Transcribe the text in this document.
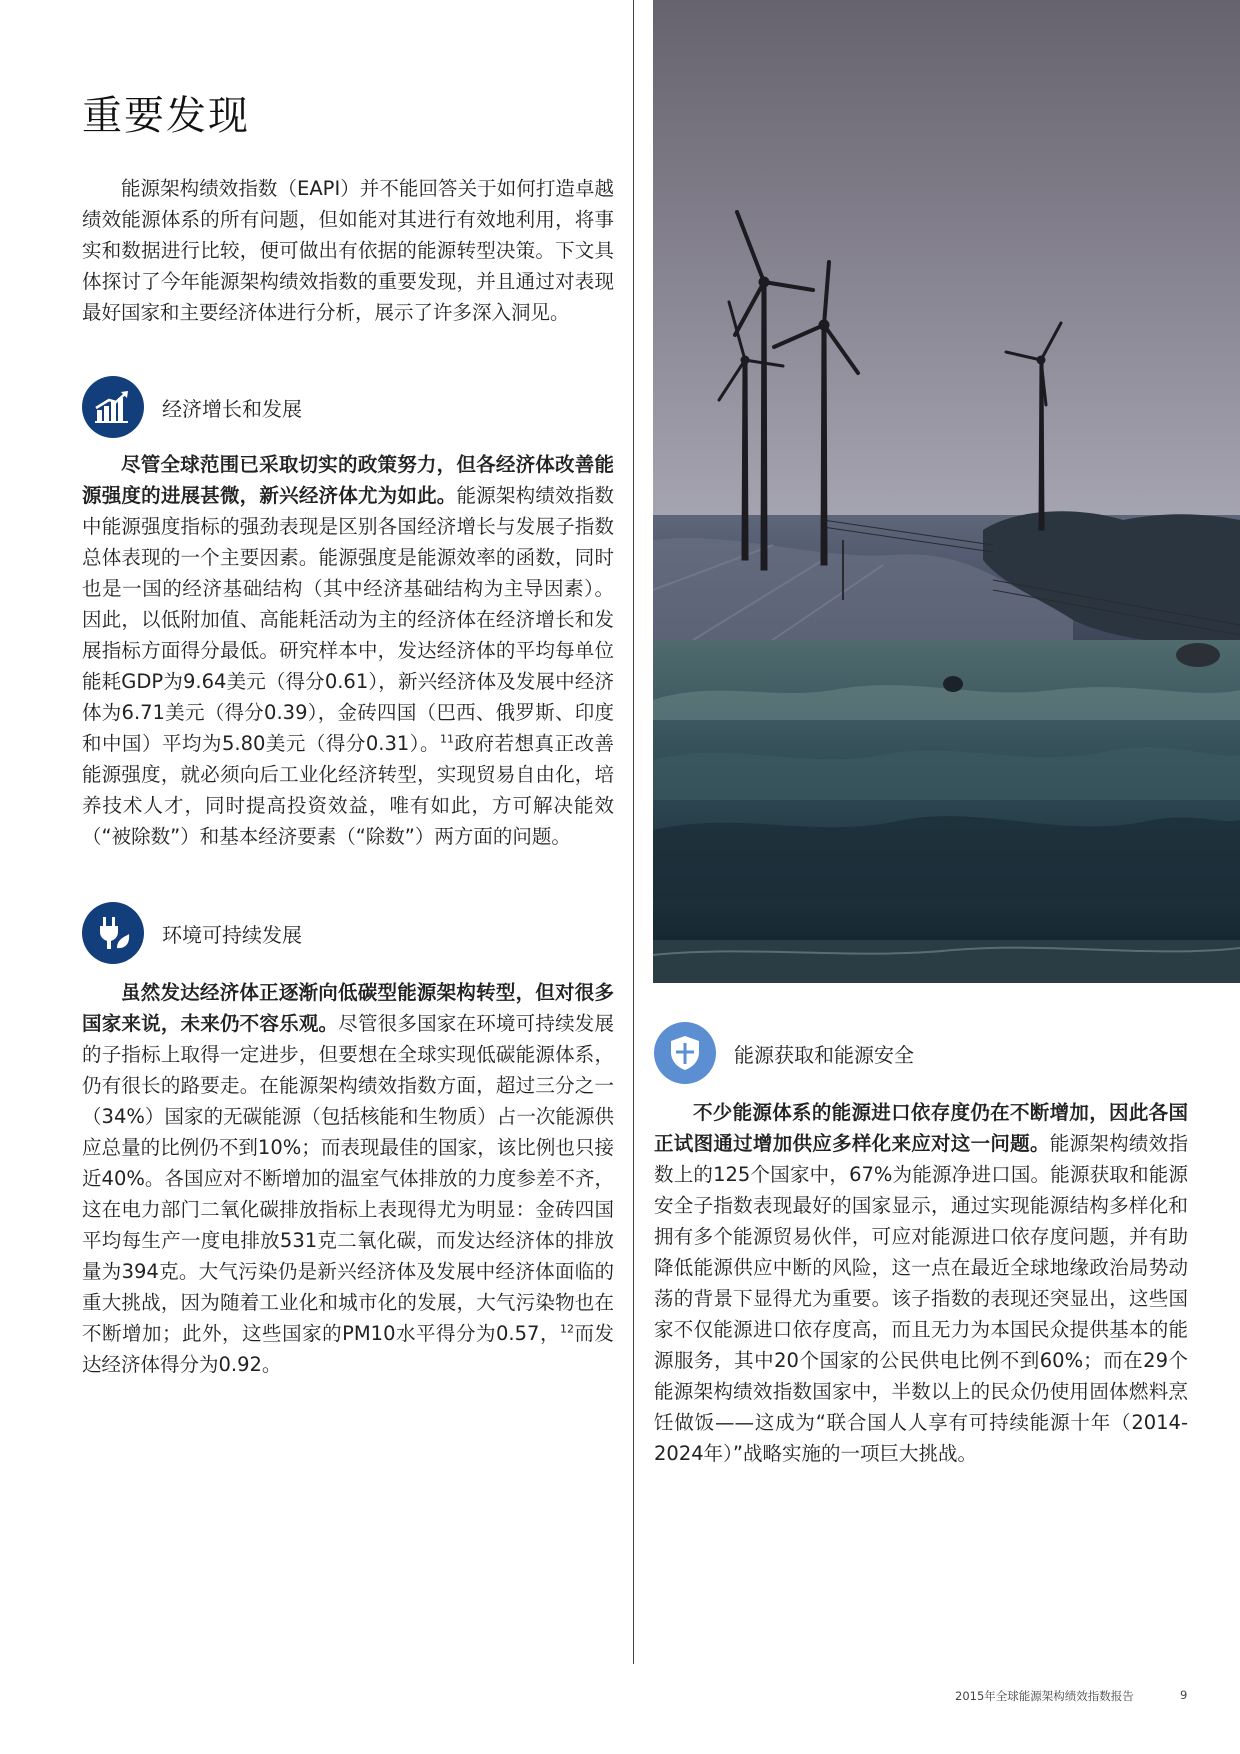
重要发现

能源架构绩效指数（EAPI）并不能回答关于如何打造卓越绩效能源体系的所有问题，但如能对其进行有效地利用，将事实和数据进行比较，便可做出有依据的能源转型决策。下文具体探讨了今年能源架构绩效指数的重要发现，并且通过对表现最好国家和主要经济体进行分析，展示了许多深入洞见。

经济增长和发展

尽管全球范围已采取切实的政策努力，但各经济体改善能源强度的进展甚微，新兴经济体尤为如此。能源架构绩效指数中能源强度指标的强劲表现是区别各国经济增长与发展子指数总体表现的一个主要因素。能源强度是能源效率的函数，同时也是一国的经济基础结构（其中经济基础结构为主导因素）。因此，以低附加值、高能耗活动为主的经济体在经济增长和发展指标方面得分最低。研究样本中，发达经济体的平均每单位能耗GDP为9.64美元（得分0.61），新兴经济体及发展中经济体为6.71美元（得分0.39），金砖四国（巴西、俄罗斯、印度和中国）平均为5.80美元（得分0.31）。$^{11}$政府若想真正改善能源强度，就必须向后工业化经济转型，实现贸易自由化，培养技术人才，同时提高投资效益，唯有如此，方可解决能效（“被除数”）和基本经济要素（“除数”）两方面的问题。

环境可持续发展

虽然发达经济体正逐渐向低碳型能源架构转型，但对很多国家来说，未来仍不容乐观。尽管很多国家在环境可持续发展的子指标上取得一定进步，但要想在全球实现低碳能源体系，仍有很长的路要走。在能源架构绩效指数方面，超过三分之一（34%）国家的无碳能源（包括核能和生物质）占一次能源供应总量的比例仍不到10%；而表现最佳的国家，该比例也只接近40%。各国应对不断增加的温室气体排放的力度参差不齐，这在电力部门二氧化碳排放指标上表现得尤为明显：金砖四国平均每生产一度电排放531克二氧化碳，而发达经济体的排放量为394克。大气污染仍是新兴经济体及发展中经济体面临的重大挑战，因为随着工业化和城市化的发展，大气污染物也在不断增加；此外，这些国家的PM10水平得分为0.57，$^{12}$而发达经济体得分为0.92。

能源获取和能源安全

不少能源体系的能源进口依存度仍在不断增加，因此各国正试图通过增加供应多样化来应对这一问题。能源架构绩效指数上的125个国家中，67%为能源净进口国。能源获取和能源安全子指数表现最好的国家显示，通过实现能源结构多样化和拥有多个能源贸易伙伴，可应对能源进口依存度问题，并有助降低能源供应中断的风险，这一点在最近全球地缘政治局势动荡的背景下显得尤为重要。该子指数的表现还突显出，这些国家不仅能源进口依存度高，而且无力为本国民众提供基本的能源服务，其中20个国家的公民供电比例不到60%；而在29个能源架构绩效指数国家中，半数以上的民众仍使用固体燃料烹饪做饭——这成为“联合国人人享有可持续能源十年（2014-2024年）”战略实施的一项巨大挑战。

2015年全球能源架构绩效指数报告	9
